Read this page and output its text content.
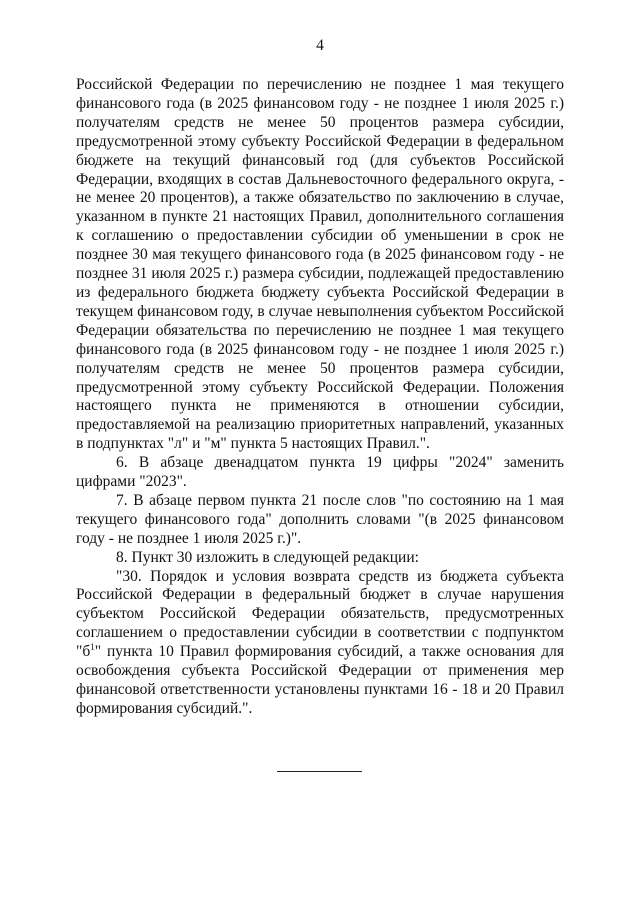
4

Российской Федерации по перечислению не позднее 1 мая текущего финансового года (в 2025 финансовом году - не позднее 1 июля 2025 г.) получателям средств не менее 50 процентов размера субсидии, предусмотренной этому субъекту Российской Федерации в федеральном бюджете на текущий финансовый год (для субъектов Российской Федерации, входящих в состав Дальневосточного федерального округа, - не менее 20 процентов), а также обязательство по заключению в случае, указанном в пункте 21 настоящих Правил, дополнительного соглашения к соглашению о предоставлении субсидии об уменьшении в срок не позднее 30 мая текущего финансового года (в 2025 финансовом году - не позднее 31 июля 2025 г.) размера субсидии, подлежащей предоставлению из федерального бюджета бюджету субъекта Российской Федерации в текущем финансовом году, в случае невыполнения субъектом Российской Федерации обязательства по перечислению не позднее 1 мая текущего финансового года (в 2025 финансовом году - не позднее 1 июля 2025 г.) получателям средств не менее 50 процентов размера субсидии, предусмотренной этому субъекту Российской Федерации. Положения настоящего пункта не применяются в отношении субсидии, предоставляемой на реализацию приоритетных направлений, указанных в подпунктах "л" и "м" пункта 5 настоящих Правил.".

6. В абзаце двенадцатом пункта 19 цифры "2024" заменить цифрами "2023".

7. В абзаце первом пункта 21 после слов "по состоянию на 1 мая текущего финансового года" дополнить словами "(в 2025 финансовом году - не позднее 1 июля 2025 г.)".

8. Пункт 30 изложить в следующей редакции:

"30. Порядок и условия возврата средств из бюджета субъекта Российской Федерации в федеральный бюджет в случае нарушения субъектом Российской Федерации обязательств, предусмотренных соглашением о предоставлении субсидии в соответствии с подпунктом "$б^1$" пункта 10 Правил формирования субсидий, а также основания для освобождения субъекта Российской Федерации от применения мер финансовой ответственности установлены пунктами 16 - 18 и 20 Правил формирования субсидий.".
